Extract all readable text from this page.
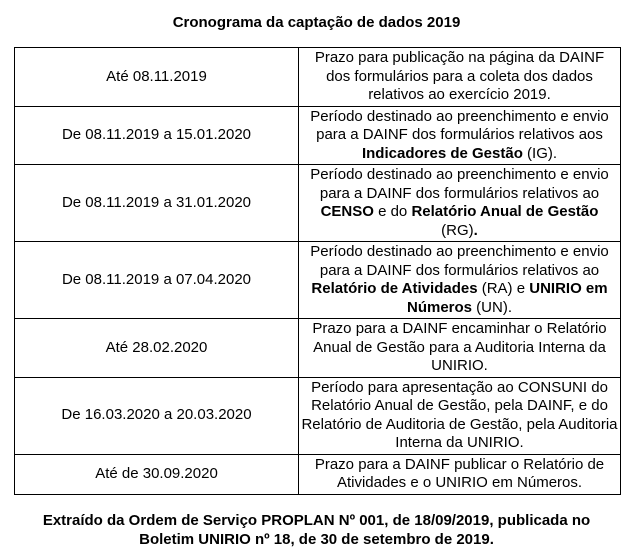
Cronograma da captação de dados 2019
Até 08.11.2019	Prazo para publicação na página da DAINF dos formulários para a coleta dos dados relativos ao exercício 2019.
De 08.11.2019 a 15.01.2020	Período destinado ao preenchimento e envio para a DAINF dos formulários relativos aos Indicadores de Gestão (IG).
De 08.11.2019 a 31.01.2020	Período destinado ao preenchimento e envio para a DAINF dos formulários relativos ao CENSO e do Relatório Anual de Gestão (RG).
De 08.11.2019 a 07.04.2020	Período destinado ao preenchimento e envio para a DAINF dos formulários relativos ao Relatório de Atividades (RA) e UNIRIO em Números (UN).
Até 28.02.2020	Prazo para a DAINF encaminhar o Relatório Anual de Gestão para a Auditoria Interna da UNIRIO.
De 16.03.2020 a 20.03.2020	Período para apresentação ao CONSUNI do Relatório Anual de Gestão, pela DAINF, e do Relatório de Auditoria de Gestão, pela Auditoria Interna da UNIRIO.
Até de 30.09.2020	Prazo para a DAINF publicar o Relatório de Atividades e o UNIRIO em Números.

Extraído da Ordem de Serviço PROPLAN Nº 001, de 18/09/2019, publicada no Boletim UNIRIO nº 18, de 30 de setembro de 2019.
